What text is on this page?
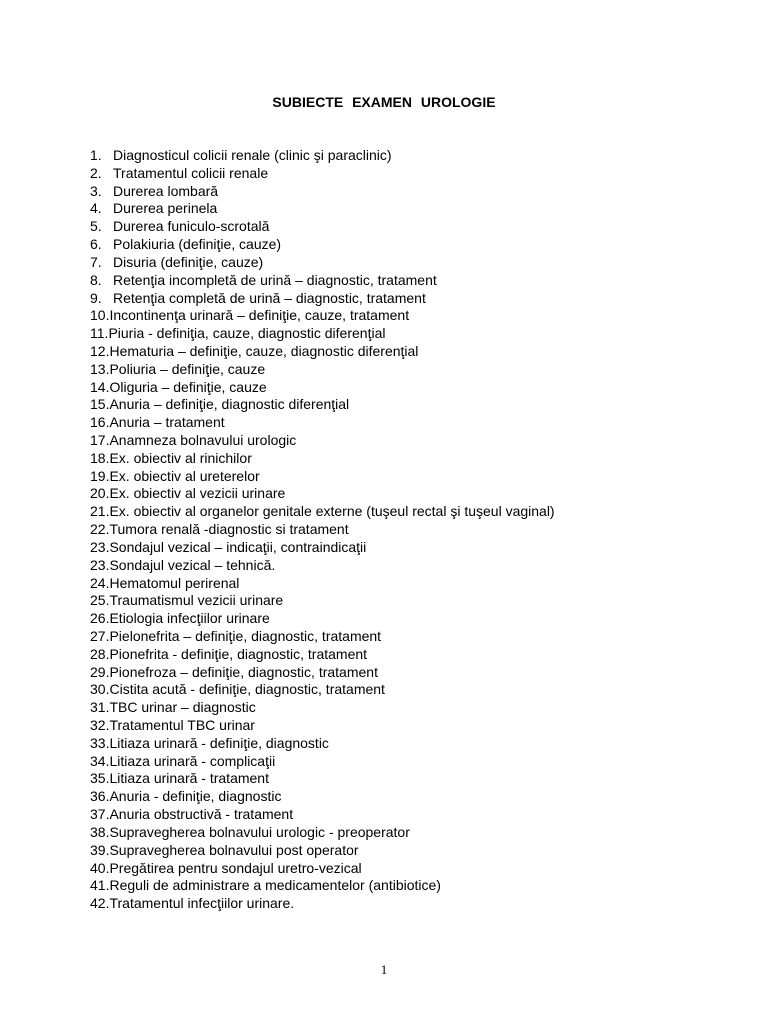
SUBIECTE EXAMEN UROLOGIE
1. Diagnosticul colicii renale (clinic şi paraclinic)
2. Tratamentul colicii renale
3. Durerea lombară
4. Durerea perinela
5. Durerea funiculo-scrotală
6. Polakiuria (definiţie, cauze)
7. Disuria (definiţie, cauze)
8. Retenţia incompletă de urină – diagnostic, tratament
9. Retenţia completă de urină – diagnostic, tratament
10.Incontinenţa urinară – definiţie, cauze, tratament
11.Piuria - definiţia, cauze, diagnostic diferenţial
12.Hematuria – definiţie, cauze, diagnostic diferenţial
13.Poliuria – definiţie, cauze
14.Oliguria – definiţie, cauze
15.Anuria – definiţie, diagnostic diferenţial
16.Anuria – tratament
17.Anamneza bolnavului urologic
18.Ex. obiectiv al rinichilor
19.Ex. obiectiv al ureterelor
20.Ex. obiectiv al vezicii urinare
21.Ex. obiectiv al organelor genitale externe (tuşeul rectal şi tuşeul vaginal)
22.Tumora renală -diagnostic si tratament
23.Sondajul vezical – indicaţii, contraindicaţii
23.Sondajul vezical – tehnică.
24.Hematomul perirenal
25.Traumatismul vezicii urinare
26.Etiologia infecţiilor urinare
27.Pielonefrita – definiţie, diagnostic, tratament
28.Pionefrita - definiţie, diagnostic, tratament
29.Pionefroza – definiţie, diagnostic, tratament
30.Cistita acută - definiţie, diagnostic, tratament
31.TBC urinar – diagnostic
32.Tratamentul TBC urinar
33.Litiaza urinară - definiţie, diagnostic
34.Litiaza urinară - complicaţii
35.Litiaza urinară - tratament
36.Anuria - definiţie, diagnostic
37.Anuria obstructivă - tratament
38.Supravegherea bolnavului urologic - preoperator
39.Supravegherea bolnavului post operator
40.Pregătirea pentru sondajul uretro-vezical
41.Reguli de administrare a medicamentelor (antibiotice)
42.Tratamentul infecţiilor urinare.
1
